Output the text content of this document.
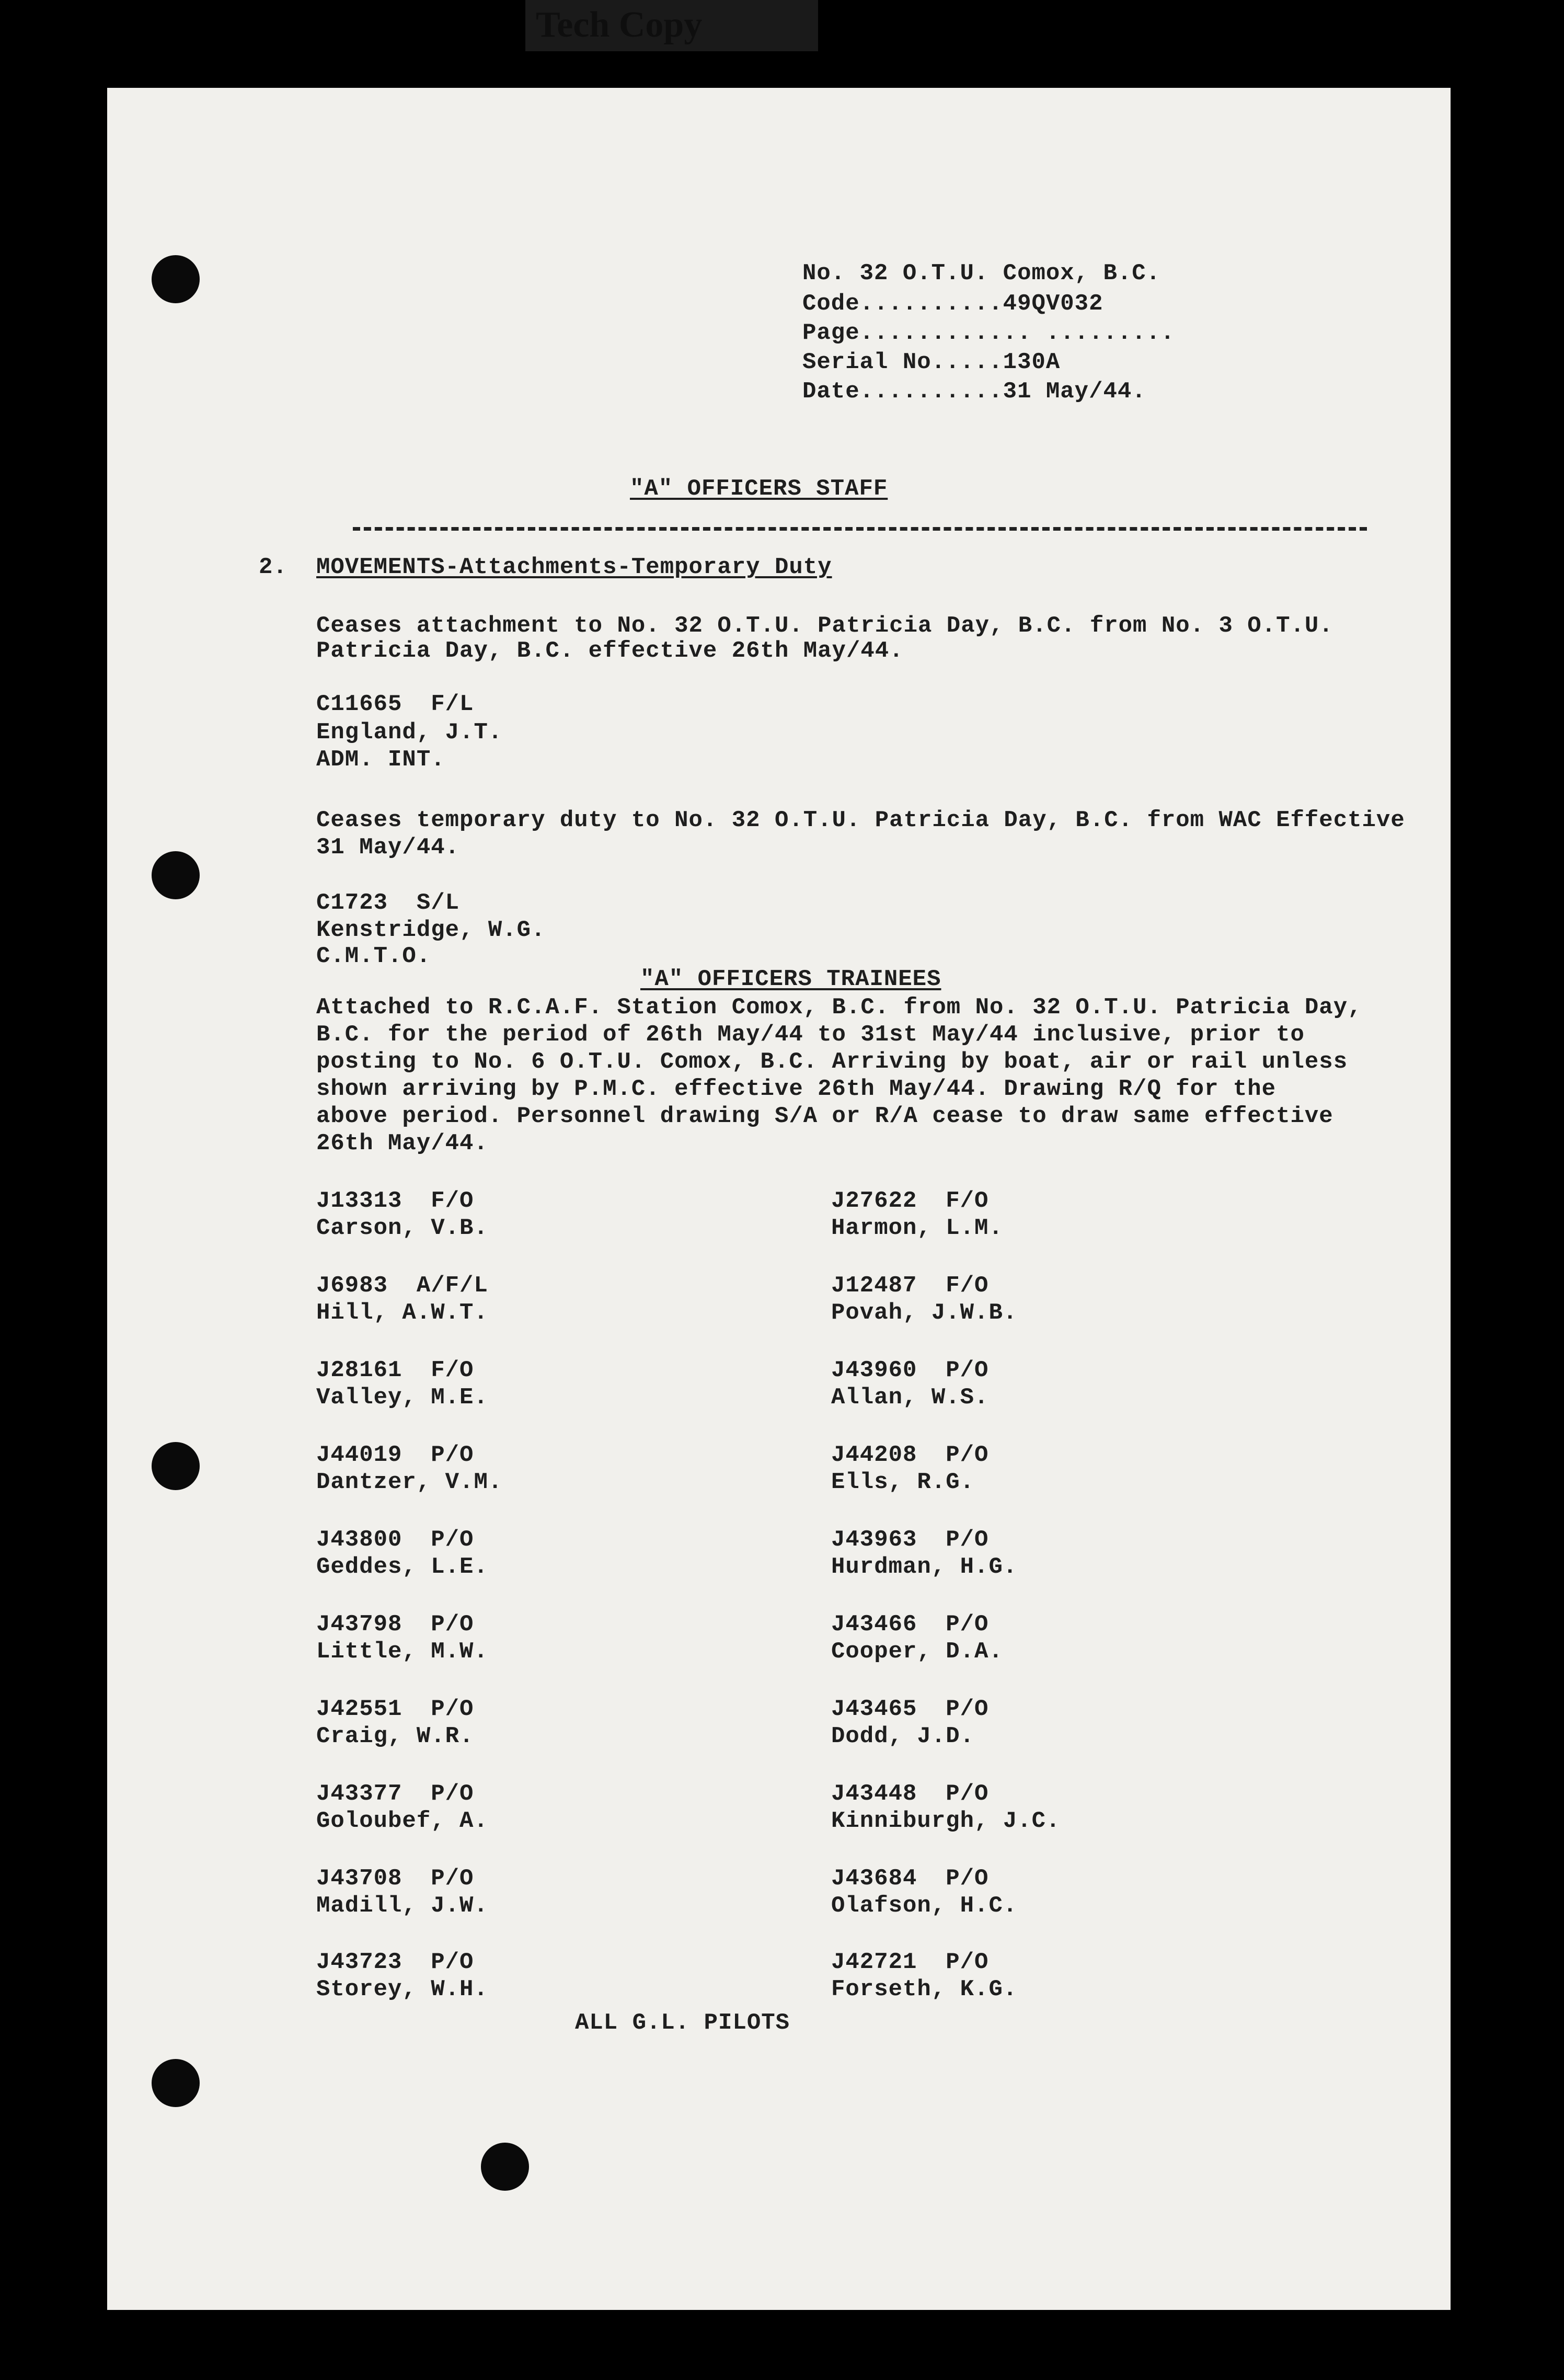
Tech Copy
No. 32 O.T.U. Comox, B.C.
Code..........49QV032
Page............ .........
Serial No.....130A
Date..........31 May/44.
"A" OFFICERS STAFF
2. MOVEMENTS-Attachments-Temporary Duty
Ceases attachment to No. 32 O.T.U. Patricia Day, B.C. from No. 3 O.T.U.
Patricia Day, B.C. effective 26th May/44.
C11665  F/L
England, J.T.
ADM. INT.
Ceases temporary duty to No. 32 O.T.U. Patricia Day, B.C. from WAC Effective
31 May/44.
C1723  S/L
Kenstridge, W.G.
C.M.T.O.
"A" OFFICERS TRAINEES
Attached to R.C.A.F. Station Comox, B.C. from No. 32 O.T.U. Patricia Day,
B.C. for the period of 26th May/44 to 31st May/44 inclusive, prior to
posting to No. 6 O.T.U. Comox, B.C. Arriving by boat, air or rail unless
shown arriving by P.M.C. effective 26th May/44. Drawing R/Q for the
above period. Personnel drawing S/A or R/A cease to draw same effective
26th May/44.
J13313  F/O
Carson, V.B.
J27622  F/O
Harmon, L.M.
J6983  A/F/L
Hill, A.W.T.
J12487  F/O
Povah, J.W.B.
J28161  F/O
Valley, M.E.
J43960  P/O
Allan, W.S.
J44019  P/O
Dantzer, V.M.
J44208  P/O
Ells, R.G.
J43800  P/O
Geddes, L.E.
J43963  P/O
Hurdman, H.G.
J43798  P/O
Little, M.W.
J43466  P/O
Cooper, D.A.
J42551  P/O
Craig, W.R.
J43465  P/O
Dodd, J.D.
J43377  P/O
Goloubef, A.
J43448  P/O
Kinniburgh, J.C.
J43708  P/O
Madill, J.W.
J43684  P/O
Olafson, H.C.
J43723  P/O
Storey, W.H.
J42721  P/O
Forseth, K.G.
ALL G.L. PILOTS
